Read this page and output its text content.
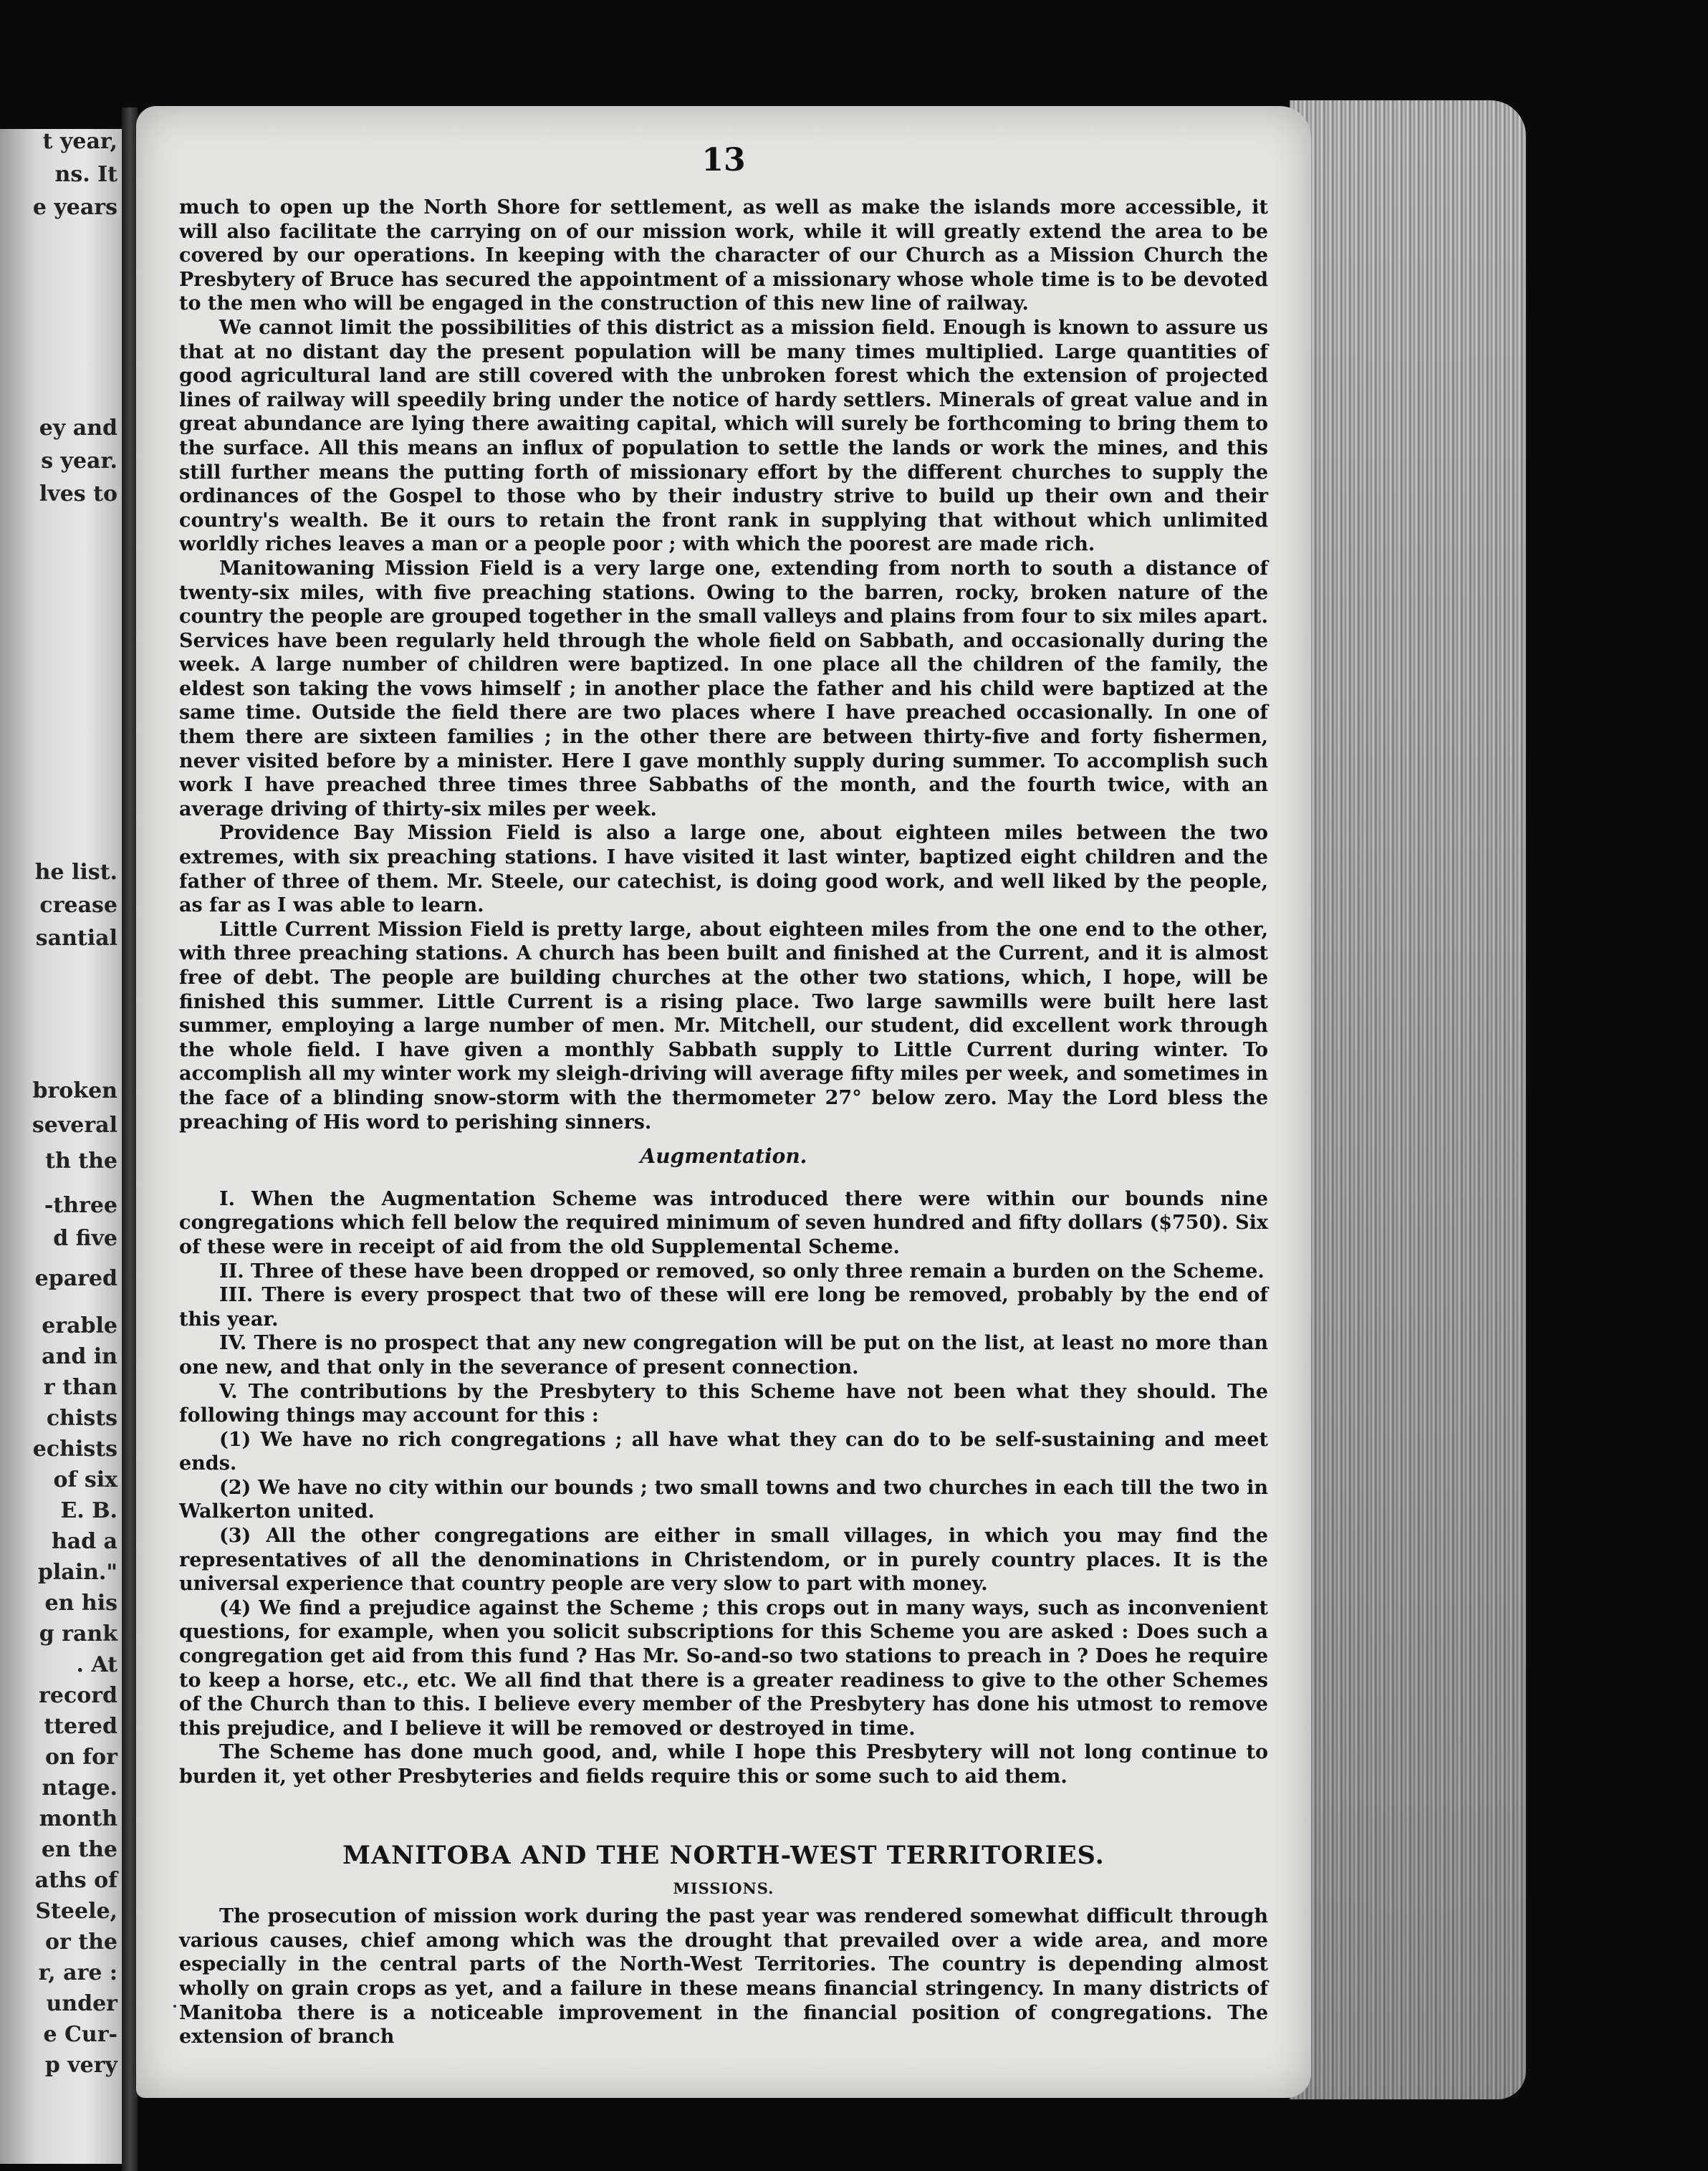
t year,

ns. It

e years

ey and

s year.

lves to

he list.

crease

santial

broken

several

th the

-three

d five

epared

erable

and in

r than

chists

echists

of six

E. B.

had a

plain."

en his

g rank

. At

record

ttered

on for

ntage.

month

en the

aths of

Steele,

or the

r, are :

under

e Cur-

p very

13

much to open up the North Shore for settlement, as well as make the islands more accessible, it will also facilitate the carrying on of our mission work, while it will greatly extend the area to be covered by our operations. In keeping with the character of our Church as a Mission Church the Presbytery of Bruce has secured the appointment of a missionary whose whole time is to be devoted to the men who will be engaged in the construction of this new line of railway.

We cannot limit the possibilities of this district as a mission field. Enough is known to assure us that at no distant day the present population will be many times multiplied. Large quantities of good agricultural land are still covered with the unbroken forest which the extension of projected lines of railway will speedily bring under the notice of hardy settlers. Minerals of great value and in great abundance are lying there awaiting capital, which will surely be forthcoming to bring them to the surface. All this means an influx of population to settle the lands or work the mines, and this still further means the putting forth of missionary effort by the different churches to supply the ordinances of the Gospel to those who by their industry strive to build up their own and their country's wealth. Be it ours to retain the front rank in supplying that without which unlimited worldly riches leaves a man or a people poor ; with which the poorest are made rich.

Manitowaning Mission Field is a very large one, extending from north to south a distance of twenty-six miles, with five preaching stations. Owing to the barren, rocky, broken nature of the country the people are grouped together in the small valleys and plains from four to six miles apart. Services have been regularly held through the whole field on Sabbath, and occasionally during the week. A large number of children were baptized. In one place all the children of the family, the eldest son taking the vows himself ; in another place the father and his child were baptized at the same time. Outside the field there are two places where I have preached occasionally. In one of them there are sixteen families ; in the other there are between thirty-five and forty fishermen, never visited before by a minister. Here I gave monthly supply during summer. To accomplish such work I have preached three times three Sabbaths of the month, and the fourth twice, with an average driving of thirty-six miles per week.

Providence Bay Mission Field is also a large one, about eighteen miles between the two extremes, with six preaching stations. I have visited it last winter, baptized eight children and the father of three of them. Mr. Steele, our catechist, is doing good work, and well liked by the people, as far as I was able to learn.

Little Current Mission Field is pretty large, about eighteen miles from the one end to the other, with three preaching stations. A church has been built and finished at the Current, and it is almost free of debt. The people are building churches at the other two stations, which, I hope, will be finished this summer. Little Current is a rising place. Two large sawmills were built here last summer, employing a large number of men. Mr. Mitchell, our student, did excellent work through the whole field. I have given a monthly Sabbath supply to Little Current during winter. To accomplish all my winter work my sleigh-driving will average fifty miles per week, and sometimes in the face of a blinding snow-storm with the thermometer 27° below zero. May the Lord bless the preaching of His word to perishing sinners.

Augmentation.

I. When the Augmentation Scheme was introduced there were within our bounds nine congregations which fell below the required minimum of seven hundred and fifty dollars ($750). Six of these were in receipt of aid from the old Supplemental Scheme.

II. Three of these have been dropped or removed, so only three remain a burden on the Scheme.

III. There is every prospect that two of these will ere long be removed, probably by the end of this year.

IV. There is no prospect that any new congregation will be put on the list, at least no more than one new, and that only in the severance of present connection.

V. The contributions by the Presbytery to this Scheme have not been what they should. The following things may account for this :

(1) We have no rich congregations ; all have what they can do to be self-sustaining and meet ends.

(2) We have no city within our bounds ; two small towns and two churches in each till the two in Walkerton united.

(3) All the other congregations are either in small villages, in which you may find the representatives of all the denominations in Christendom, or in purely country places. It is the universal experience that country people are very slow to part with money.

(4) We find a prejudice against the Scheme ; this crops out in many ways, such as inconvenient questions, for example, when you solicit subscriptions for this Scheme you are asked : Does such a congregation get aid from this fund ? Has Mr. So-and-so two stations to preach in ? Does he require to keep a horse, etc., etc. We all find that there is a greater readiness to give to the other Schemes of the Church than to this. I believe every member of the Presbytery has done his utmost to remove this prejudice, and I believe it will be removed or destroyed in time.

The Scheme has done much good, and, while I hope this Presbytery will not long continue to burden it, yet other Presbyteries and fields require this or some such to aid them.

MANITOBA AND THE NORTH-WEST TERRITORIES.
MISSIONS.

The prosecution of mission work during the past year was rendered somewhat difficult through various causes, chief among which was the drought that prevailed over a wide area, and more especially in the central parts of the North-West Territories. The country is depending almost wholly on grain crops as yet, and a failure in these means financial stringency. In many districts of Manitoba there is a noticeable improvement in the financial position of congregations. The extension of branch
